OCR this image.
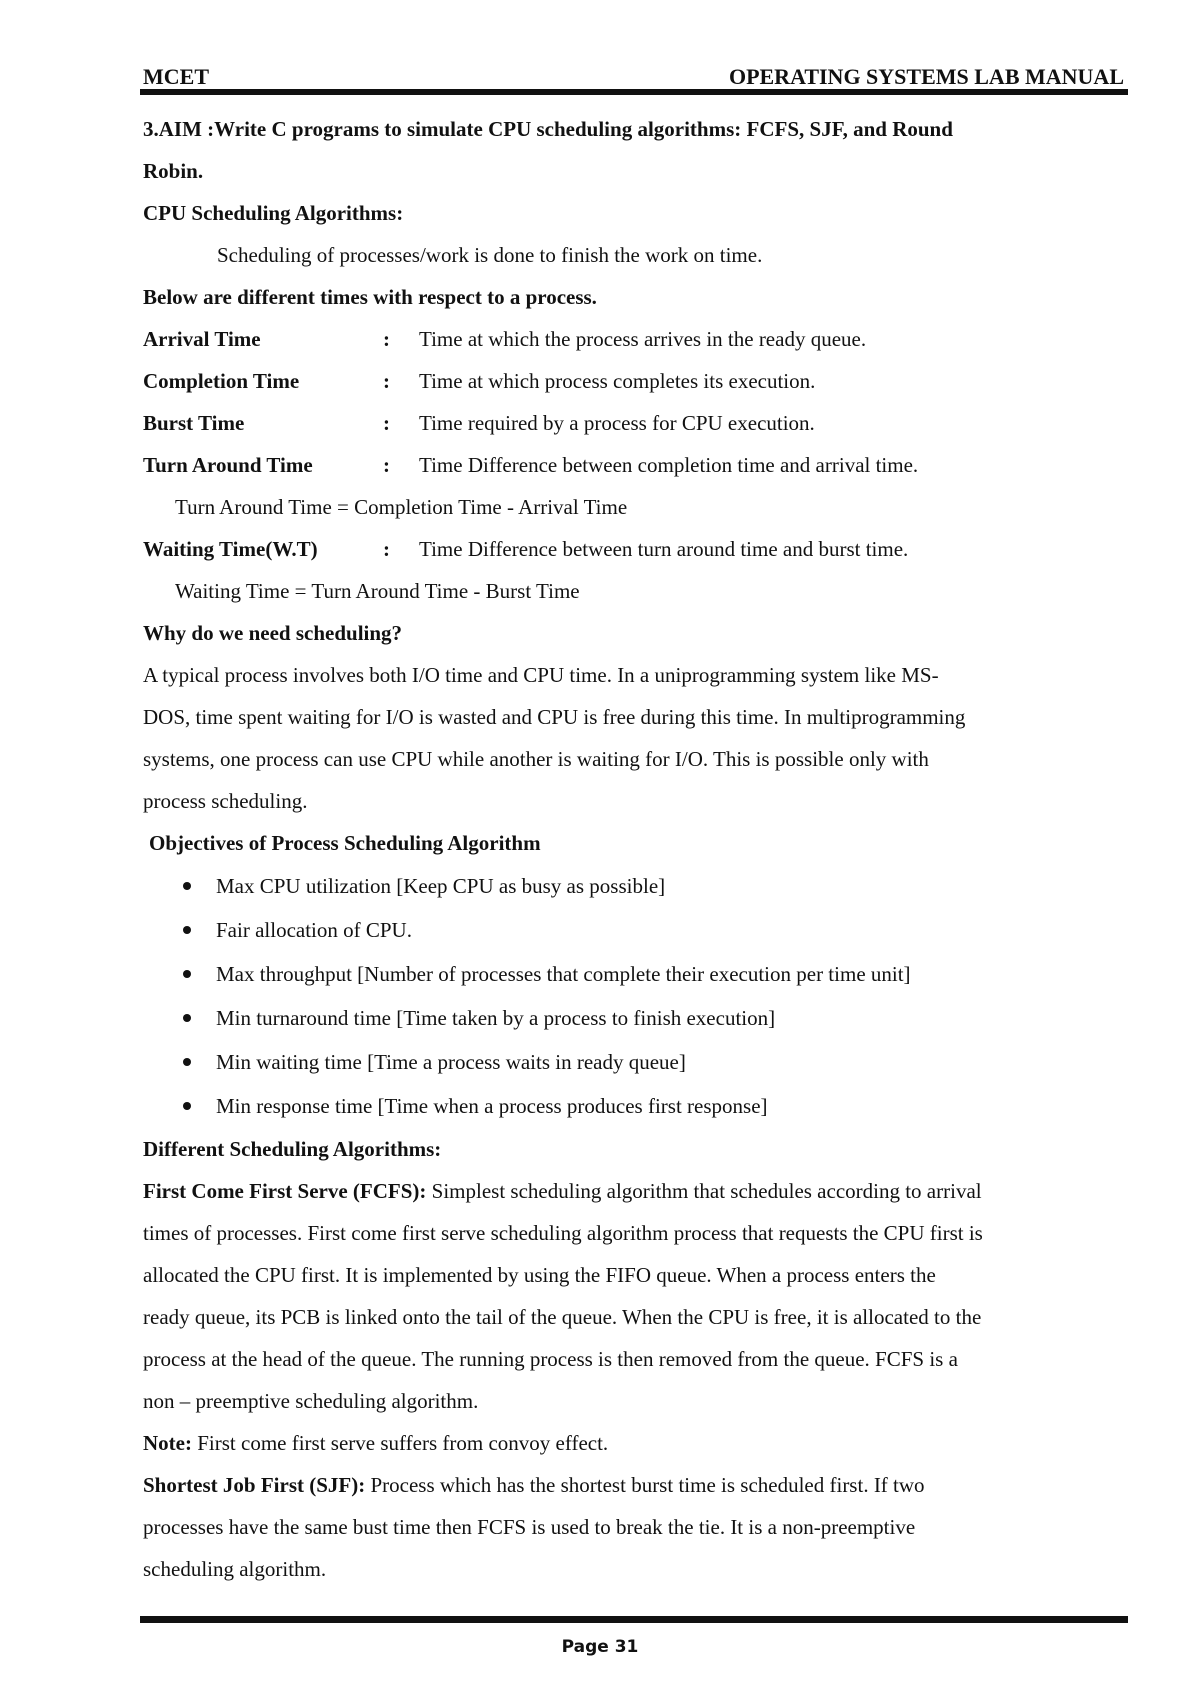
MCET	OPERATING SYSTEMS LAB MANUAL
3.AIM :Write C programs to simulate CPU scheduling algorithms: FCFS, SJF, and Round
Robin.
CPU Scheduling Algorithms:
Scheduling of processes/work is done to finish the work on time.
Below are different times with respect to a process.
Arrival Time	:	Time at which the process arrives in the ready queue.
Completion Time	:	Time at which process completes its execution.
Burst Time	:	Time required by a process for CPU execution.
Turn Around Time	:	Time Difference between completion time and arrival time.
Turn Around Time = Completion Time - Arrival Time
Waiting Time(W.T)	:	Time Difference between turn around time and burst time.
Waiting Time = Turn Around Time - Burst Time
Why do we need scheduling?
A typical process involves both I/O time and CPU time. In a uniprogramming system like MS-
DOS, time spent waiting for I/O is wasted and CPU is free during this time. In multiprogramming
systems, one process can use CPU while another is waiting for I/O. This is possible only with
process scheduling.
Objectives of Process Scheduling Algorithm
Max CPU utilization [Keep CPU as busy as possible]
Fair allocation of CPU.
Max throughput [Number of processes that complete their execution per time unit]
Min turnaround time [Time taken by a process to finish execution]
Min waiting time [Time a process waits in ready queue]
Min response time [Time when a process produces first response]
Different Scheduling Algorithms:
First Come First Serve (FCFS): Simplest scheduling algorithm that schedules according to arrival
times of processes. First come first serve scheduling algorithm process that requests the CPU first is
allocated the CPU first. It is implemented by using the FIFO queue. When a process enters the
ready queue, its PCB is linked onto the tail of the queue. When the CPU is free, it is allocated to the
process at the head of the queue. The running process is then removed from the queue. FCFS is a
non – preemptive scheduling algorithm.
Note: First come first serve suffers from convoy effect.
Shortest Job First (SJF): Process which has the shortest burst time is scheduled first. If two
processes have the same bust time then FCFS is used to break the tie. It is a non-preemptive
scheduling algorithm.
Page 31
